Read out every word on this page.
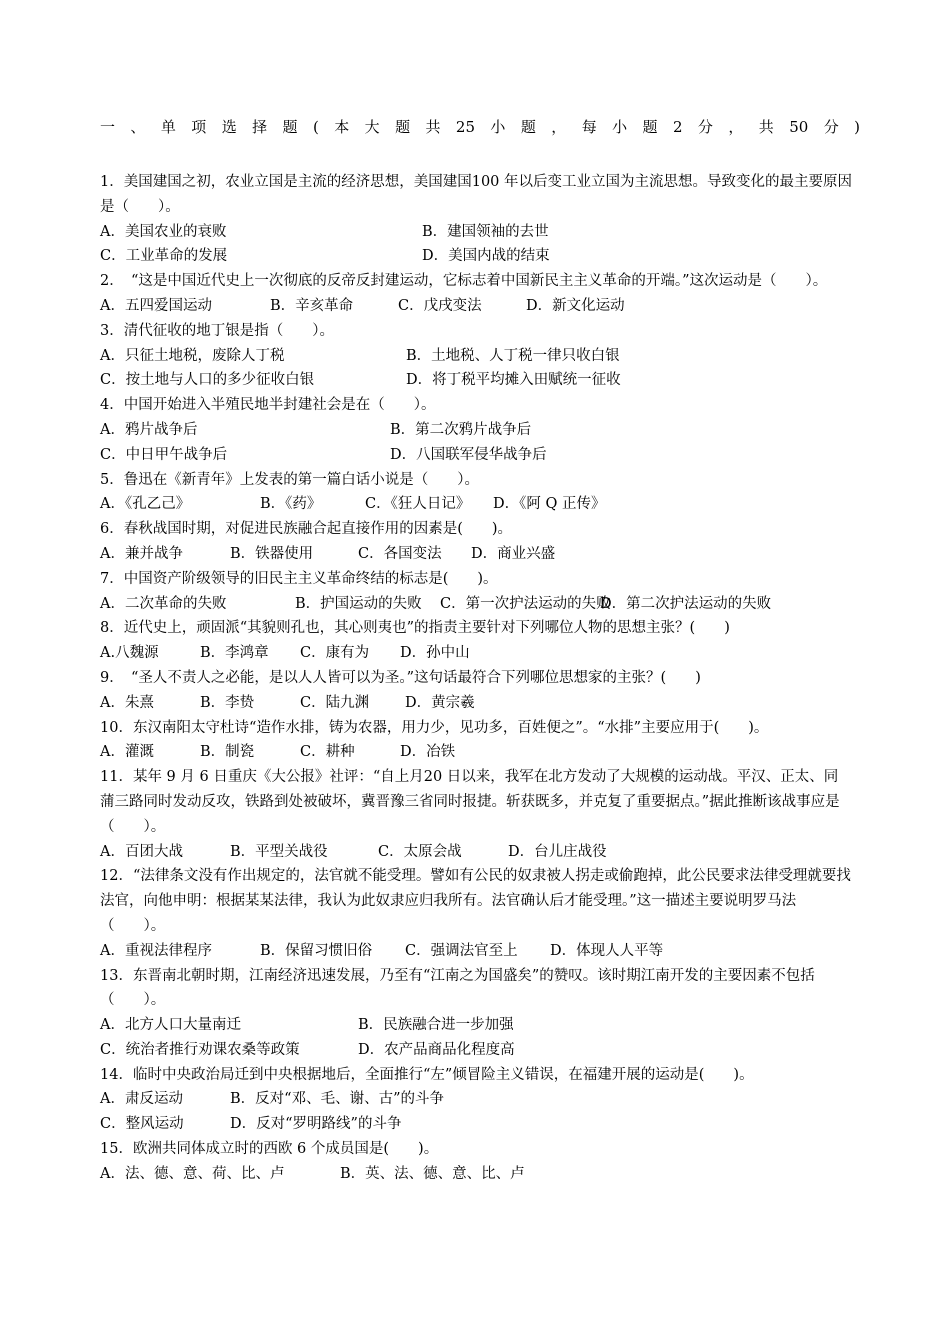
一、单项选择题(本大题共25小题，每小题2分，共50分)
1．美国建国之初，农业立国是主流的经济思想，美国建国100 年以后变工业立国为主流思想。导致变化的最主要原因是（　　）。
A．美国农业的衰败	B．建国领袖的去世
C．工业革命的发展	D．美国内战的结束
2．　“这是中国近代史上一次彻底的反帝反封建运动，它标志着中国新民主主义革命的开端。”这次运动是（　　）。
A．五四爱国运动	B．辛亥革命	C．戊戌变法	D．新文化运动
3．清代征收的地丁银是指（　　）。
A．只征土地税，废除人丁税	B．土地税、人丁税一律只收白银
C．按土地与人口的多少征收白银	D．将丁税平均摊入田赋统一征收
4．中国开始进入半殖民地半封建社会是在（　　）。
A．鸦片战争后	B．第二次鸦片战争后
C．中日甲午战争后	D．八国联军侵华战争后
5．鲁迅在《新青年》上发表的第一篇白话小说是（　　）。
A．《孔乙己》	B．《药》	C．《狂人日记》 D．《阿 Q 正传》
6．春秋战国时期，对促进民族融合起直接作用的因素是(　　)。
A．兼并战争	B．铁器使用	C．各国变法 D．商业兴盛
7．中国资产阶级领导的旧民主主义革命终结的标志是(　　)。
A．二次革命的失败	B．护国运动的失败 C．第一次护法运动的失败D．第二次护法运动的失败
8．近代史上，顽固派“其貌则孔也，其心则夷也”的指责主要针对下列哪位人物的思想主张？(　　)
A.八魏源	B．李鸿章 C．康有为 D．孙中山
9．　“圣人不责人之必能，是以人人皆可以为圣。”这句话最符合下列哪位思想家的主张？(　　)
A．朱熹	B．李贽	C．陆九渊 D．黄宗羲
10．东汉南阳太守杜诗“造作水排，铸为农器，用力少，见功多，百姓便之”。“水排”主要应用于(　　)。
A．灌溉	B．制瓷	C．耕种	D．冶铁
11．某年 9 月 6 日重庆《大公报》社评：“自上月20 日以来，我军在北方发动了大规模的运动战。平汉、正太、同蒲三路同时发动反攻，铁路到处被破坏，冀晋豫三省同时报捷。斩获既多，并克复了重要据点。”据此推断该战事应是（　　）。
A．百团大战	B．平型关战役	C．太原会战	D．台儿庄战役
12．“法律条文没有作出规定的，法官就不能受理。譬如有公民的奴隶被人拐走或偷跑掉，此公民要求法律受理就要找法官，向他申明：根据某某法律，我认为此奴隶应归我所有。法官确认后才能受理。”这一描述主要说明罗马法（　　）。
A．重视法律程序	B．保留习惯旧俗 C．强调法官至上 D．体现人人平等
13．东晋南北朝时期，江南经济迅速发展，乃至有“江南之为国盛矣”的赞叹。该时期江南开发的主要因素不包括（　　）。
A．北方人口大量南迁	B．民族融合进一步加强
C．统治者推行劝课农桑等政策	D．农产品商品化程度高
14．临时中央政治局迁到中央根据地后，全面推行“左”倾冒险主义错误，在福建开展的运动是(　　)。
A．肃反运动	B．反对“邓、毛、谢、古”的斗争
C．整风运动	D．反对“罗明路线”的斗争
15．欧洲共同体成立时的西欧 6 个成员国是(　　)。
A．法、德、意、荷、比、卢	B．英、法、德、意、比、卢
